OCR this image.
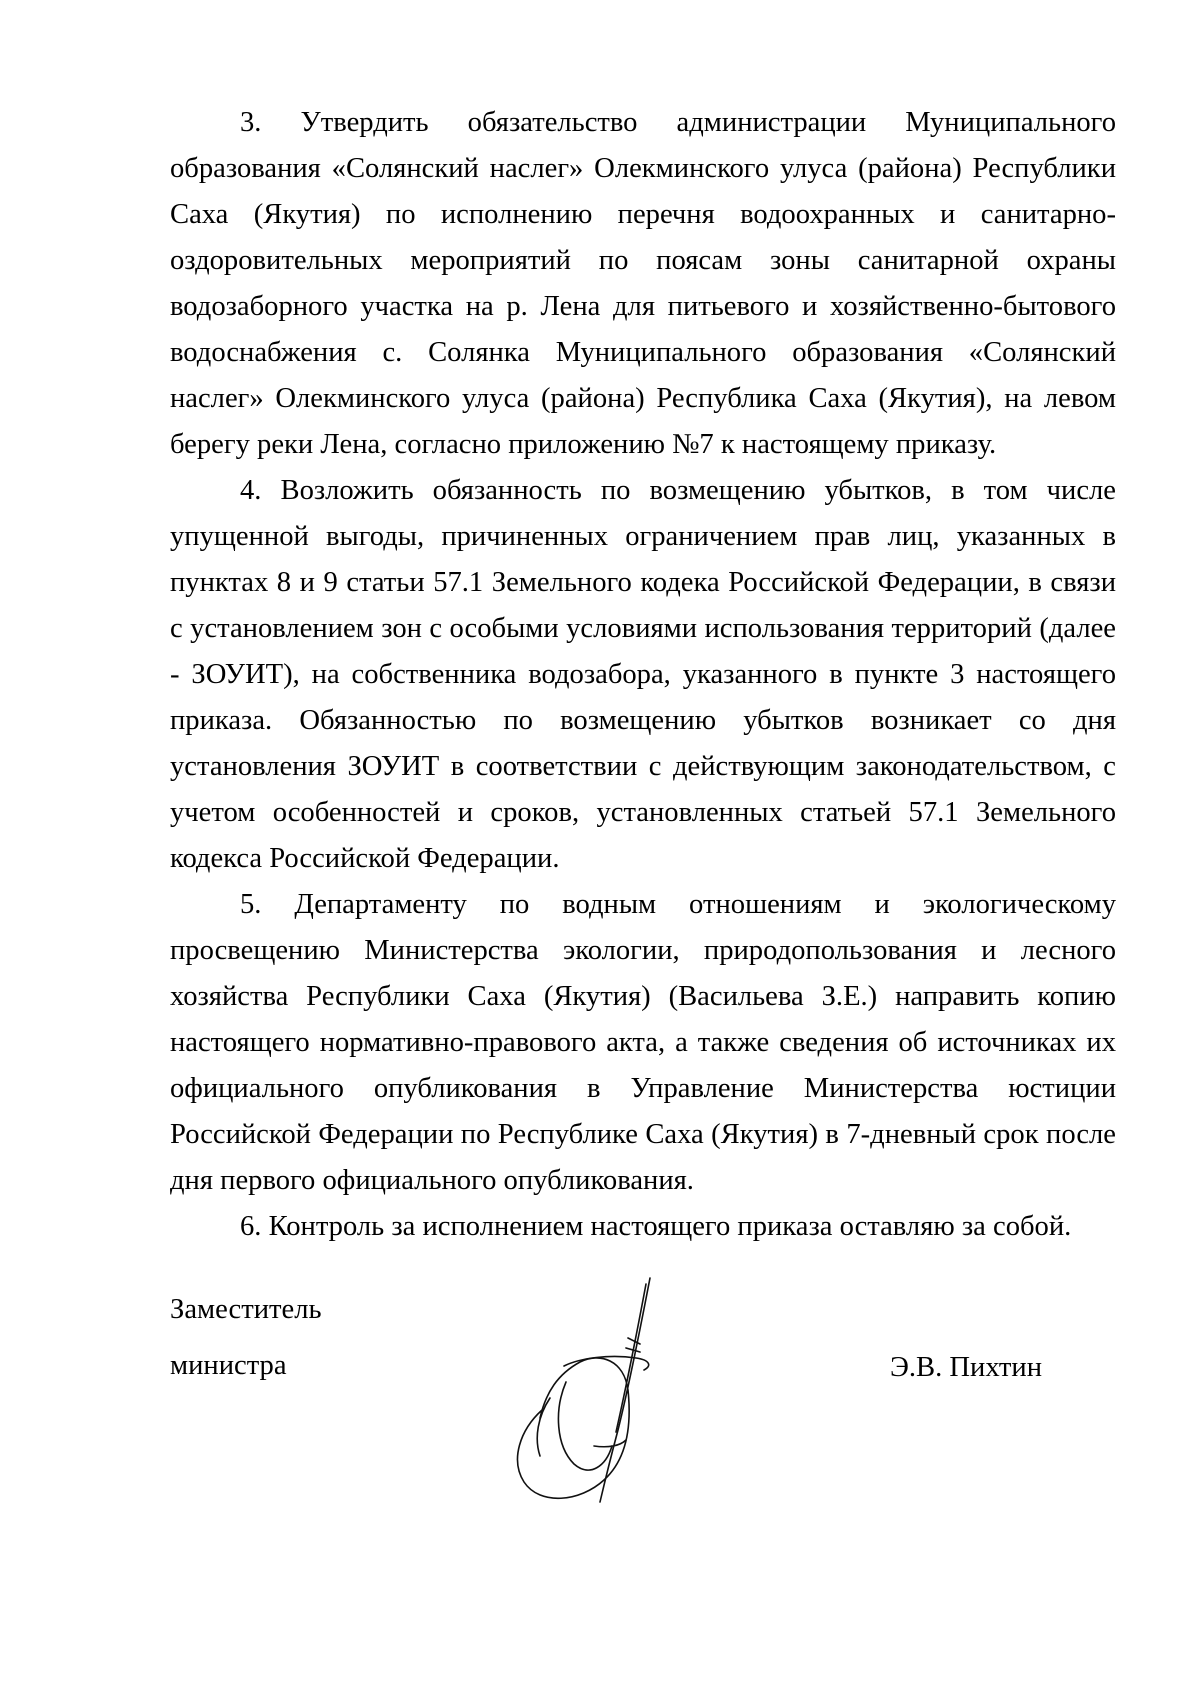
3. Утвердить обязательство администрации Муниципального образования «Солянский наслег» Олекминского улуса (района) Республики Саха (Якутия) по исполнению перечня водоохранных и санитарно-оздоровительных мероприятий по поясам зоны санитарной охраны водозаборного участка на р. Лена для питьевого и хозяйственно-бытового водоснабжения с. Солянка Муниципального образования «Солянский наслег» Олекминского улуса (района) Республика Саха (Якутия), на левом берегу реки Лена, согласно приложению №7 к настоящему приказу.

4. Возложить обязанность по возмещению убытков, в том числе упущенной выгоды, причиненных ограничением прав лиц, указанных в пунктах 8 и 9 статьи 57.1 Земельного кодека Российской Федерации, в связи с установлением зон с особыми условиями использования территорий (далее - ЗОУИТ), на собственника водозабора, указанного в пункте 3 настоящего приказа. Обязанностью по возмещению убытков возникает со дня установления ЗОУИТ в соответствии с действующим законодательством, с учетом особенностей и сроков, установленных статьей 57.1 Земельного кодекса Российской Федерации.

5. Департаменту по водным отношениям и экологическому просвещению Министерства экологии, природопользования и лесного хозяйства Республики Саха (Якутия) (Васильева З.Е.) направить копию настоящего нормативно-правового акта, а также сведения об источниках их официального опубликования в Управление Министерства юстиции Российской Федерации по Республике Саха (Якутия) в 7-дневный срок после дня первого официального опубликования.

6. Контроль за исполнением настоящего приказа оставляю за собой.

Заместитель
министра	Э.В. Пихтин
